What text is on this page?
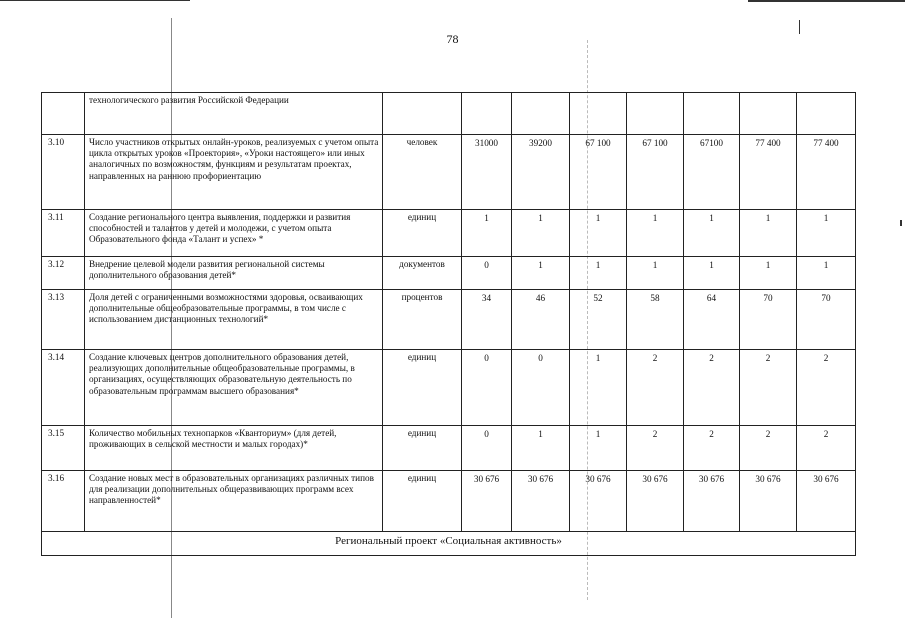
78
	технологического развития Российской Федерации								
3.10	Число участников открытых онлайн-уроков, реализуемых с учетом опыта цикла открытых уроков «Проектория», «Уроки настоящего» или иных аналогичных по возможностям, функциям и результатам проектах, направленных на раннюю профориентацию	человек	31000	39200	67 100	67 100	67100	77 400	77 400
3.11	Создание регионального центра выявления, поддержки и развития способностей и талантов у детей и молодежи, с учетом опыта Образовательного фонда «Талант и успех» *	единиц	1	1	1	1	1	1	1
3.12	Внедрение целевой модели развития региональной системы дополнительного образования детей*	документов	0	1	1	1	1	1	1
3.13	Доля детей с ограниченными возможностями здоровья, осваивающих дополнительные общеобразовательные программы, в том числе с использованием дистанционных технологий*	процентов	34	46	52	58	64	70	70
3.14	Создание ключевых центров дополнительного образования детей, реализующих дополнительные общеобразовательные программы, в организациях, осуществляющих образовательную деятельность по образовательным программам высшего образования*	единиц	0	0	1	2	2	2	2
3.15	Количество мобильных технопарков «Кванториум» (для детей, проживающих в сельской местности и малых городах)*	единиц	0	1	1	2	2	2	2
3.16	Создание новых мест в образовательных организациях различных типов для реализации дополнительных общеразвивающих программ всех направленностей*	единиц	30 676	30 676	30 676	30 676	30 676	30 676	30 676
Региональный проект «Социальная активность»									
